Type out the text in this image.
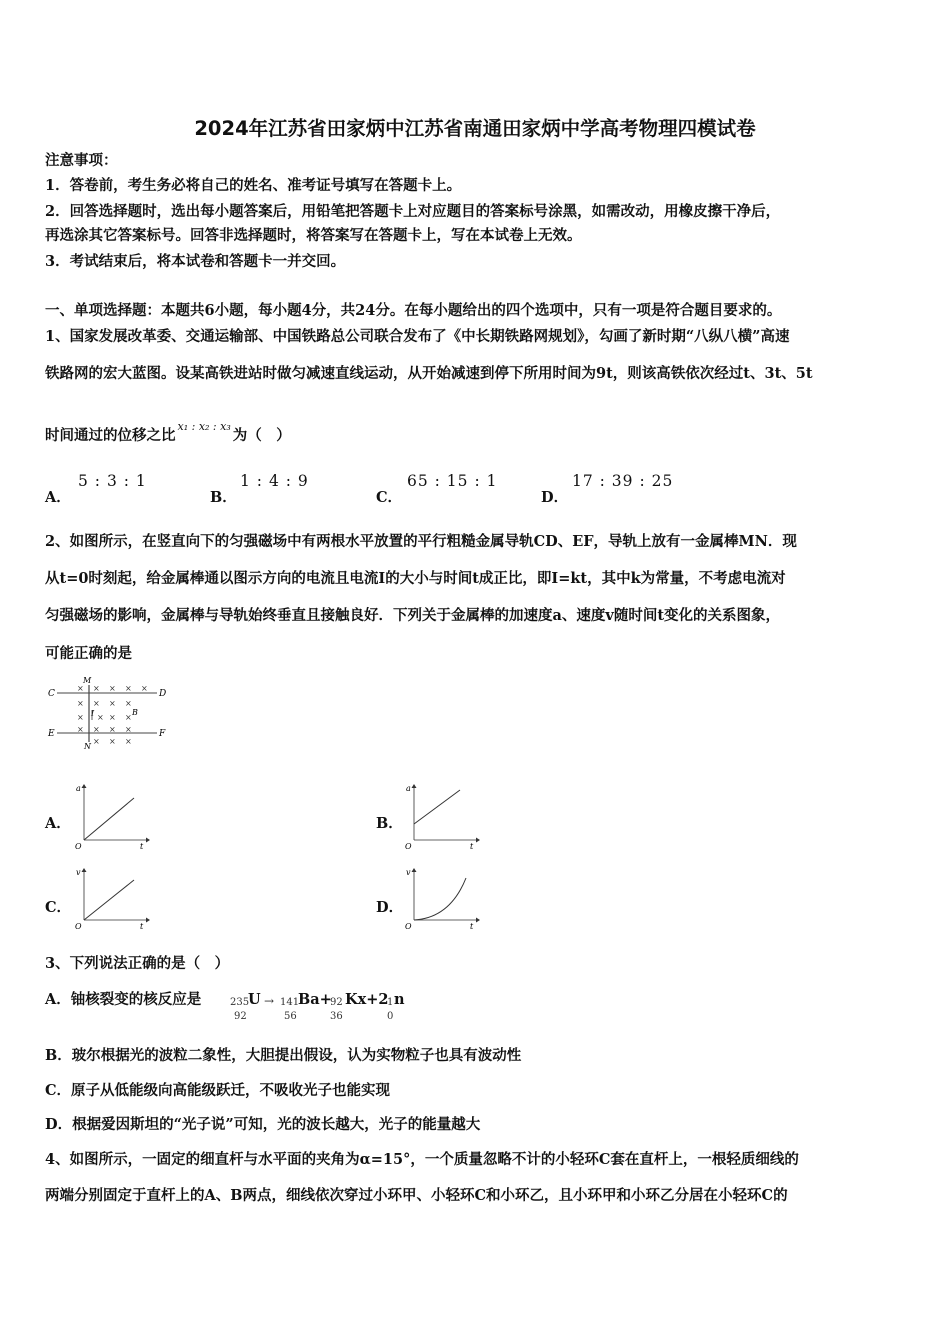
2024年江苏省田家炳中江苏省南通田家炳中学高考物理四模试卷
注意事项：
1．答卷前，考生务必将自己的姓名、准考证号填写在答题卡上。
2．回答选择题时，选出每小题答案后，用铅笔把答题卡上对应题目的答案标号涂黑，如需改动，用橡皮擦干净后，
再选涂其它答案标号。回答非选择题时，将答案写在答题卡上，写在本试卷上无效。
3．考试结束后，将本试卷和答题卡一并交回。
一、单项选择题：本题共6小题，每小题4分，共24分。在每小题给出的四个选项中，只有一项是符合题目要求的。
1、国家发展改革委、交通运输部、中国铁路总公司联合发布了《中长期铁路网规划》，勾画了新时期“八纵八横”高速
铁路网的宏大蓝图。设某高铁进站时做匀减速直线运动，从开始减速到停下所用时间为9t，则该高铁依次经过t、3t、5t
时间通过的位移之比$^{x_1 : x_2 : x_3}$为（　）
A．
5 : 3 : 1
B．
1 : 4 : 9
C．
65 : 15 : 1
D．
17 : 39 : 25
2、如图所示，在竖直向下的匀强磁场中有两根水平放置的平行粗糙金属导轨CD、EF，导轨上放有一金属棒MN．现
从t=0时刻起，给金属棒通以图示方向的电流且电流I的大小与时间t成正比，即I=kt，其中k为常量，不考虑电流对
匀强磁场的影响，金属棒与导轨始终垂直且接触良好．下列关于金属棒的加速度a、速度v随时间t变化的关系图象，
可能正确的是
C	D
E	F
M
N
B
I
× × × × ×
× × × ×
× × × ×
× × × ×
× × ×
A．
a
t
O
B．
a
t
O
C．
v
t
O
D．
v
t
O
3、下列说法正确的是（　）
A．铀核裂变的核反应是	235
U
92
→ 141
Ba+
56
92 Kx+2
36
1 n
0
B．玻尔根据光的波粒二象性，大胆提出假设，认为实物粒子也具有波动性
C．原子从低能级向高能级跃迁，不吸收光子也能实现
D．根据爱因斯坦的“光子说”可知，光的波长越大，光子的能量越大
4、如图所示，一固定的细直杆与水平面的夹角为α=15°，一个质量忽略不计的小轻环C套在直杆上，一根轻质细线的
两端分别固定于直杆上的A、B两点，细线依次穿过小环甲、小轻环C和小环乙，且小环甲和小环乙分居在小轻环C的
